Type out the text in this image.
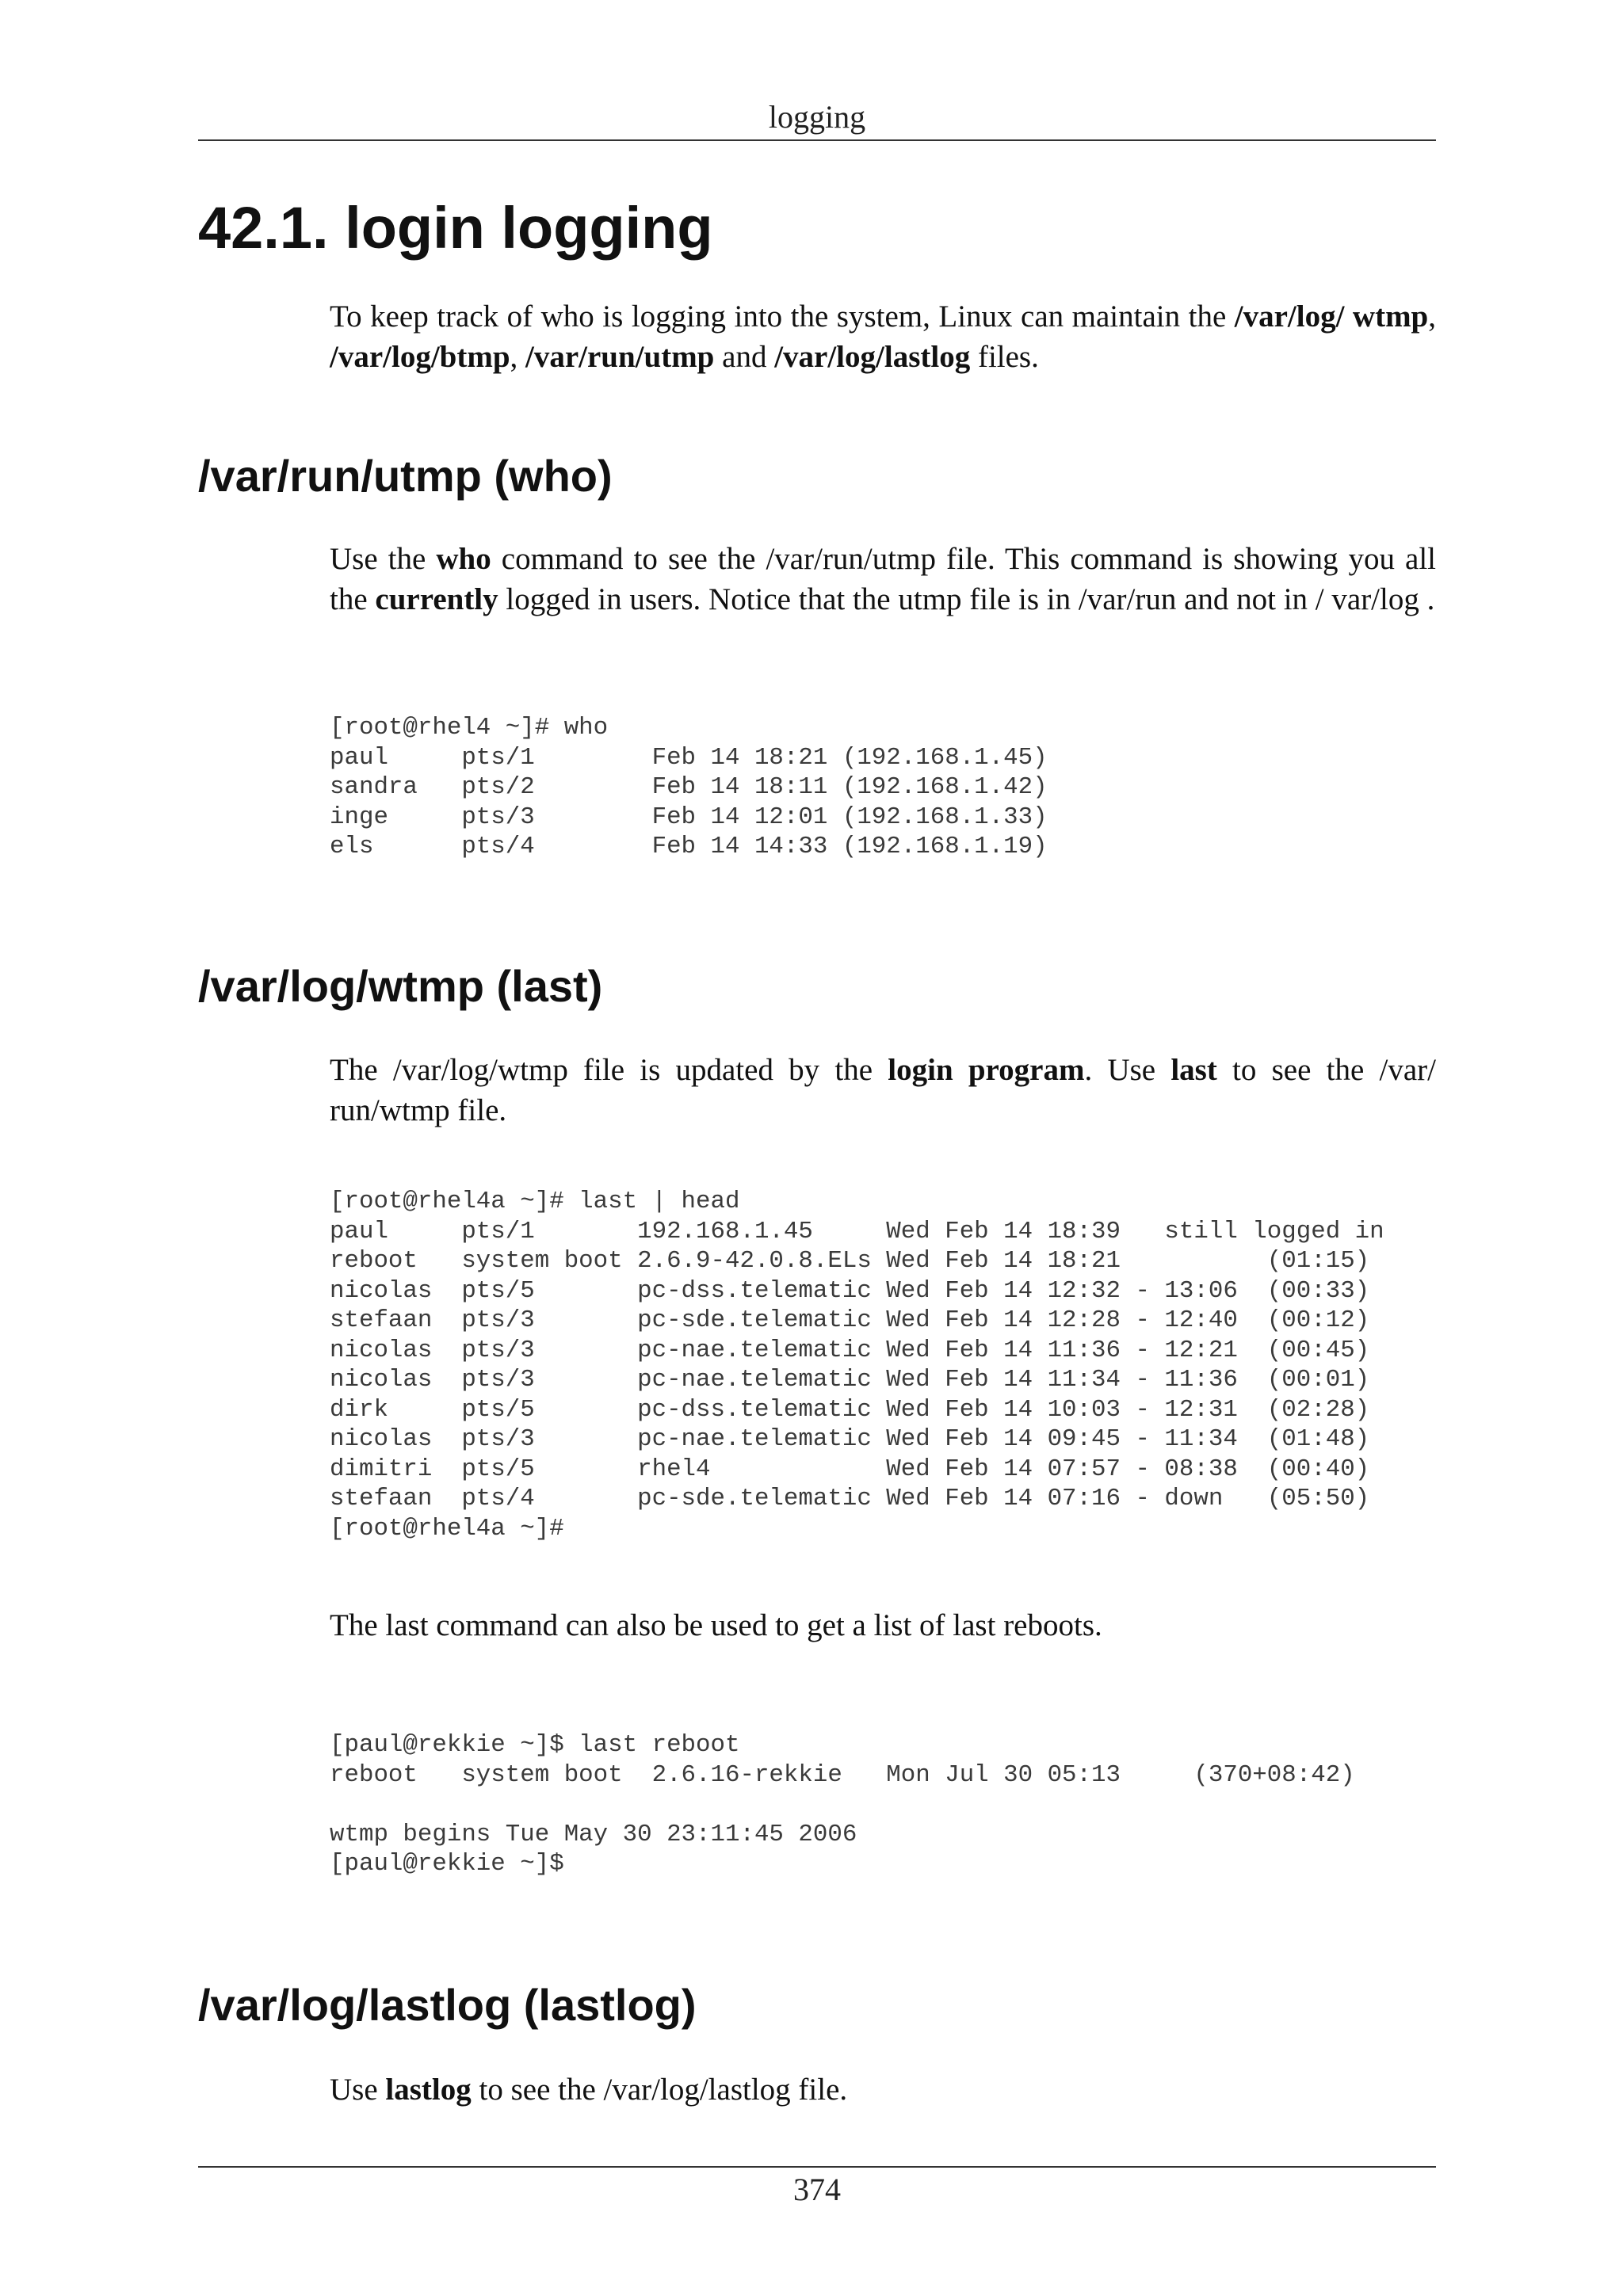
logging
42.1. login logging

To keep track of who is logging into the system, Linux can maintain the /var/log/ wtmp, /var/log/btmp, /var/run/utmp and /var/log/lastlog files.

/var/run/utmp (who)

Use the who command to see the /var/run/utmp file. This command is showing you all the currently logged in users. Notice that the utmp file is in /var/run and not in / var/log .

[root@rhel4 ~]# who
paul     pts/1        Feb 14 18:21 (192.168.1.45)
sandra   pts/2        Feb 14 18:11 (192.168.1.42)
inge     pts/3        Feb 14 12:01 (192.168.1.33)
els      pts/4        Feb 14 14:33 (192.168.1.19)
/var/log/wtmp (last)

The /var/log/wtmp file is updated by the login program. Use last to see the /var/ run/wtmp file.

[root@rhel4a ~]# last | head
paul     pts/1       192.168.1.45     Wed Feb 14 18:39   still logged in
reboot   system boot 2.6.9-42.0.8.ELs Wed Feb 14 18:21          (01:15)
nicolas  pts/5       pc-dss.telematic Wed Feb 14 12:32 - 13:06  (00:33)
stefaan  pts/3       pc-sde.telematic Wed Feb 14 12:28 - 12:40  (00:12)
nicolas  pts/3       pc-nae.telematic Wed Feb 14 11:36 - 12:21  (00:45)
nicolas  pts/3       pc-nae.telematic Wed Feb 14 11:34 - 11:36  (00:01)
dirk     pts/5       pc-dss.telematic Wed Feb 14 10:03 - 12:31  (02:28)
nicolas  pts/3       pc-nae.telematic Wed Feb 14 09:45 - 11:34  (01:48)
dimitri  pts/5       rhel4            Wed Feb 14 07:57 - 08:38  (00:40)
stefaan  pts/4       pc-sde.telematic Wed Feb 14 07:16 - down   (05:50)
[root@rhel4a ~]#

The last command can also be used to get a list of last reboots.

[paul@rekkie ~]$ last reboot
reboot   system boot  2.6.16-rekkie   Mon Jul 30 05:13     (370+08:42)
wtmp begins Tue May 30 23:11:45 2006
[paul@rekkie ~]$
/var/log/lastlog (lastlog)

Use lastlog to see the /var/log/lastlog file.

374
